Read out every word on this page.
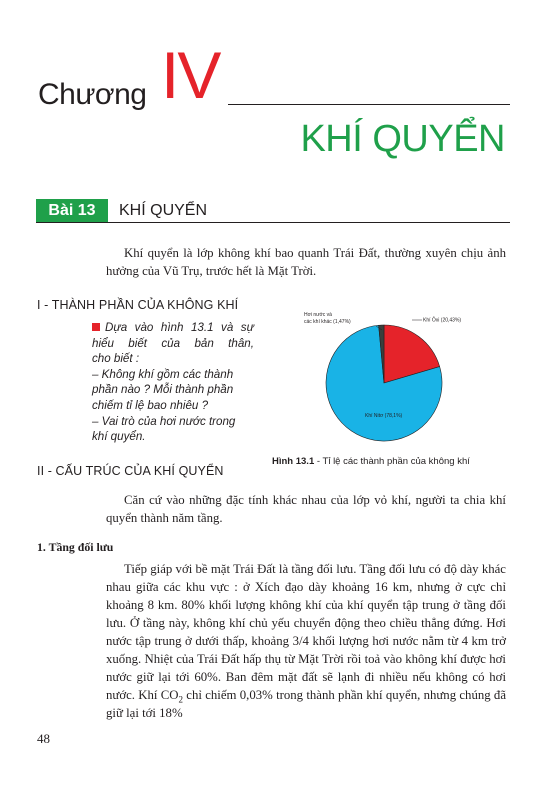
Chương IV
KHÍ QUYỂN
Bài 13	KHÍ QUYỂN
Khí quyển là lớp không khí bao quanh Trái Đất, thường xuyên chịu ảnh hưởng của Vũ Trụ, trước hết là Mặt Trời.
I - THÀNH PHẦN CỦA KHÔNG KHÍ
Dựa vào hình 13.1 và sự
hiểu biết của bản thân,

cho biết :

– Không khí gồm các thành phần nào ? Mỗi thành phần chiếm tỉ lệ bao nhiêu ?

– Vai trò của hơi nước trong khí quyển.

Hơi nước và
các khí khác (1,47%)	Khí Ôxi (20,43%)
Khí Nitơ (78,1%)
Hình 13.1 - Tỉ lệ các thành phần của không khí
II - CẤU TRÚC CỦA KHÍ QUYỂN
Căn cứ vào những đặc tính khác nhau của lớp vỏ khí, người ta chia khí quyển thành năm tầng.
1. Tầng đối lưu
Tiếp giáp với bề mặt Trái Đất là tầng đối lưu. Tầng đối lưu có độ dày khác nhau giữa các khu vực : ở Xích đạo dày khoảng 16 km, nhưng ở cực chỉ khoảng 8 km. 80% khối lượng không khí của khí quyển tập trung ở tầng đối lưu. Ở tầng này, không khí chủ yếu chuyển động theo chiều thẳng đứng. Hơi nước tập trung ở dưới thấp, khoảng 3/4 khối lượng hơi nước nằm từ 4 km trở xuống. Nhiệt của Trái Đất hấp thụ từ Mặt Trời rồi toả vào không khí được hơi nước giữ lại tới 60%. Ban đêm mặt đất sẽ lạnh đi nhiều nếu không có hơi nước. Khí $CO_2$ chỉ chiếm 0,03% trong thành phần khí quyển, nhưng chúng đã giữ lại tới 18%
48
